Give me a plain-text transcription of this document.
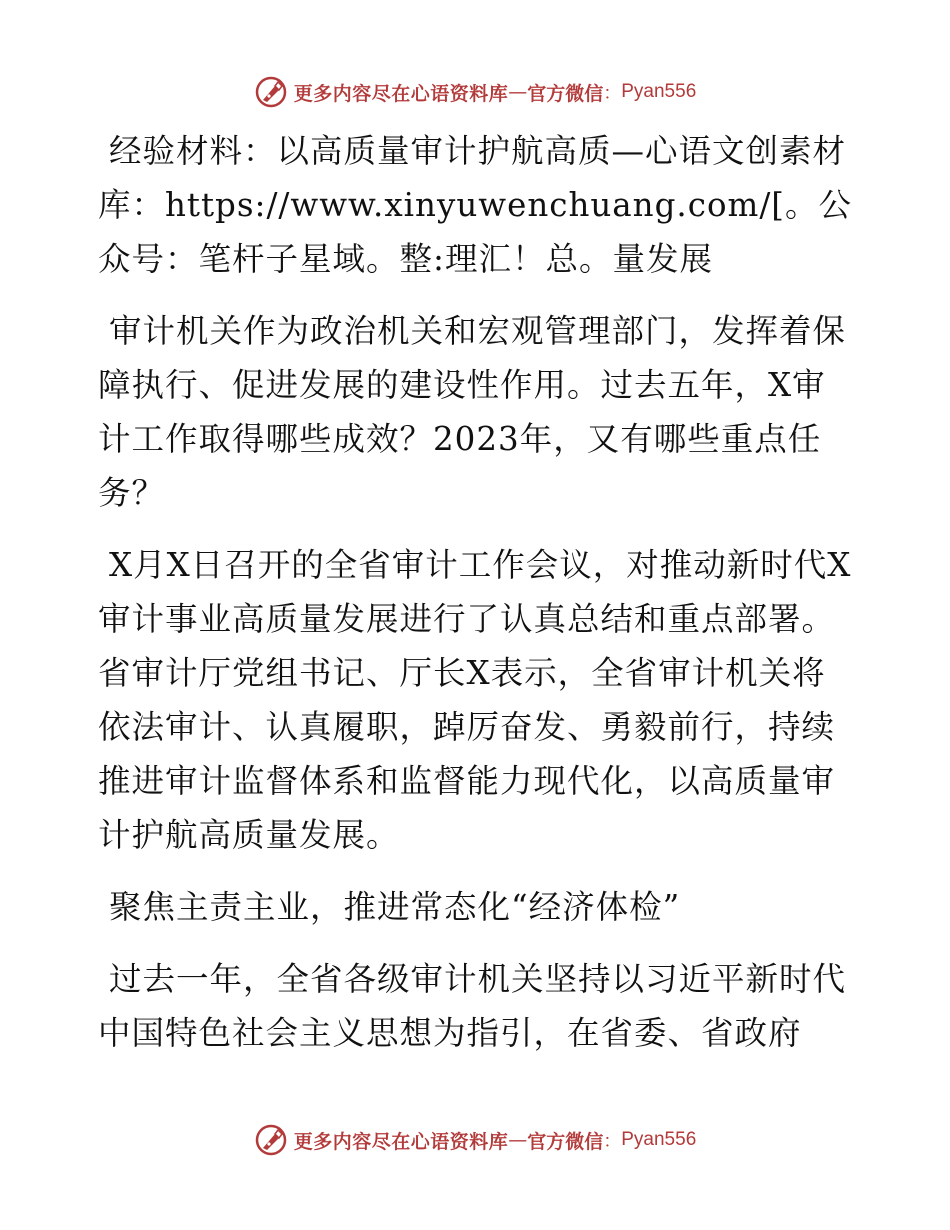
更多内容尽在心语资料库 — 官方微信 ： Pyan556

经验材料：以高质量审计护航高质—心语文创素材库：https://www.xinyuwenchuang.com/[。公众号：笔杆子星域。整:理汇！总。量发展

审计机关作为政治机关和宏观管理部门，发挥着保障执行、促进发展的建设性作用。过去五年，X审计工作取得哪些成效？2023年，又有哪些重点任务？

X月X日召开的全省审计工作会议，对推动新时代X审计事业高质量发展进行了认真总结和重点部署。省审计厅党组书记、厅长X表示，全省审计机关将依法审计、认真履职，踔厉奋发、勇毅前行，持续推进审计监督体系和监督能力现代化，以高质量审计护航高质量发展。

聚焦主责主业，推进常态化“经济体检”

过去一年，全省各级审计机关坚持以习近平新时代中国特色社会主义思想为指引，在省委、省政府

更多内容尽在心语资料库 — 官方微信 ： Pyan556
